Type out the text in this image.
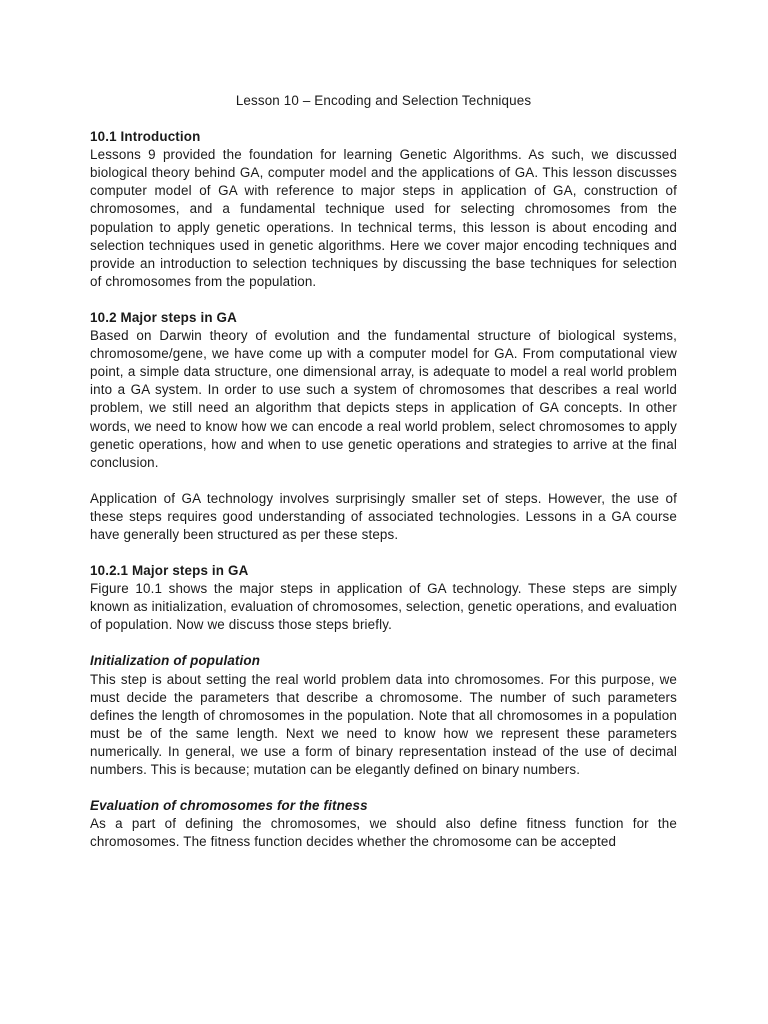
Lesson 10 – Encoding and Selection Techniques

10.1 Introduction

Lessons 9 provided the foundation for learning Genetic Algorithms. As such, we discussed biological theory behind GA, computer model and the applications of GA. This lesson discusses computer model of GA with reference to major steps in application of GA, construction of chromosomes, and a fundamental technique used for selecting chromosomes from the population to apply genetic operations. In technical terms, this lesson is about encoding and selection techniques used in genetic algorithms. Here we cover major encoding techniques and provide an introduction to selection techniques by discussing the base techniques for selection of chromosomes from the population.

10.2 Major steps in GA

Based on Darwin theory of evolution and the fundamental structure of biological systems, chromosome/gene, we have come up with a computer model for GA. From computational view point, a simple data structure, one dimensional array, is adequate to model a real world problem into a GA system. In order to use such a system of chromosomes that describes a real world problem, we still need an algorithm that depicts steps in application of GA concepts. In other words, we need to know how we can encode a real world problem, select chromosomes to apply genetic operations, how and when to use genetic operations and strategies to arrive at the final conclusion.

Application of GA technology involves surprisingly smaller set of steps. However, the use of these steps requires good understanding of associated technologies. Lessons in a GA course have generally been structured as per these steps.

10.2.1 Major steps in GA

Figure 10.1 shows the major steps in application of GA technology. These steps are simply known as initialization, evaluation of chromosomes, selection, genetic operations, and evaluation of population. Now we discuss those steps briefly.

Initialization of population

This step is about setting the real world problem data into chromosomes. For this purpose, we must decide the parameters that describe a chromosome. The number of such parameters defines the length of chromosomes in the population. Note that all chromosomes in a population must be of the same length. Next we need to know how we represent these parameters numerically. In general, we use a form of binary representation instead of the use of decimal numbers. This is because; mutation can be elegantly defined on binary numbers.

Evaluation of chromosomes for the fitness

As a part of defining the chromosomes, we should also define fitness function for the chromosomes. The fitness function decides whether the chromosome can be accepted
